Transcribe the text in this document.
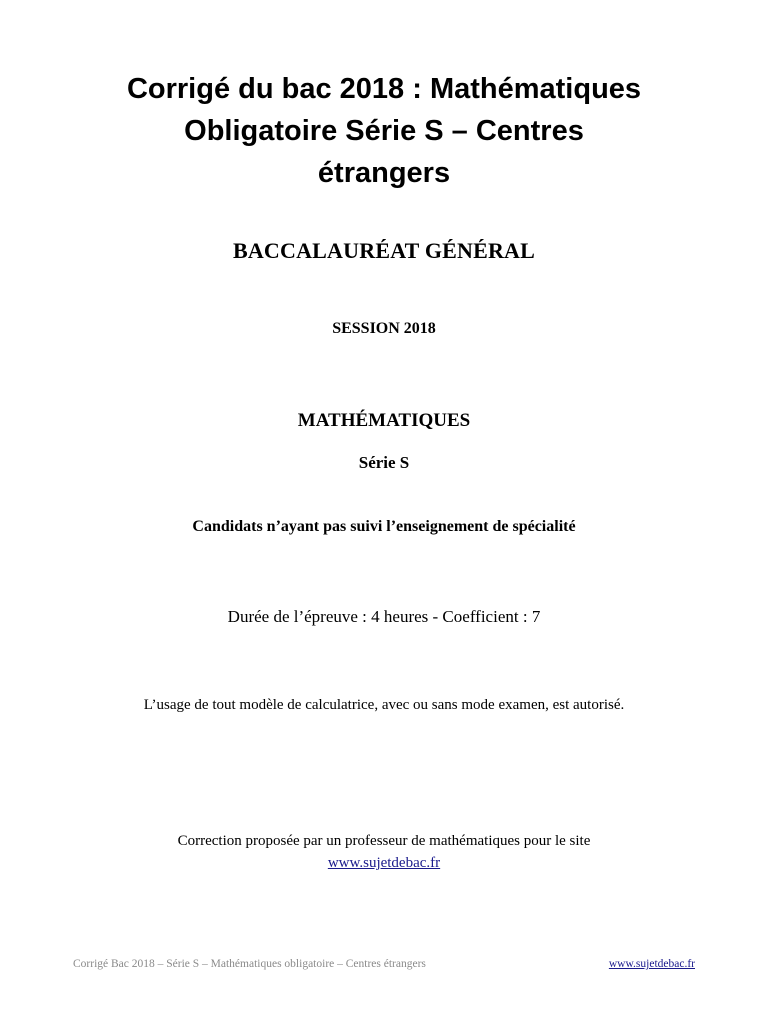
Corrigé du bac 2018 : Mathématiques
Obligatoire Série S – Centres
étrangers
BACCALAURÉAT GÉNÉRAL
SESSION 2018
MATHÉMATIQUES
Série S
Candidats n’ayant pas suivi l’enseignement de spécialité
Durée de l’épreuve : 4 heures - Coefficient : 7
L’usage de tout modèle de calculatrice, avec ou sans mode examen, est autorisé.
Correction proposée par un professeur de mathématiques pour le site
www.sujetdebac.fr
Corrigé Bac 2018 – Série S – Mathématiques obligatoire – Centres étrangers	www.sujetdebac.fr
